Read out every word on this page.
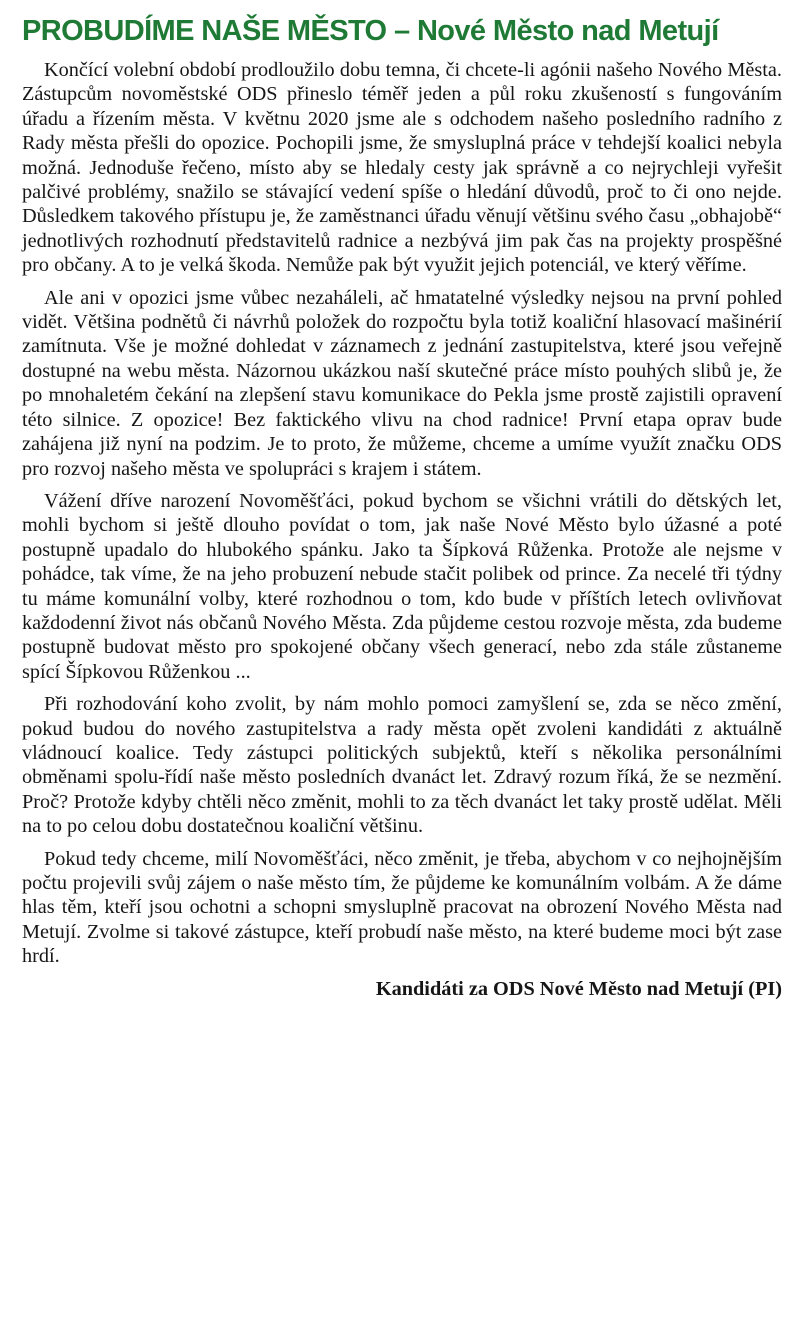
PROBUDÍME NAŠE MĚSTO – Nové Město nad Metují

Končící volební období prodloužilo dobu temna, či chcete-li agónii našeho Nového Města. Zástupcům novoměstské ODS přineslo téměř jeden a půl roku zkušeností s fungováním úřadu a řízením města. V květnu 2020 jsme ale s odchodem našeho posledního radního z Rady města přešli do opozice. Pochopili jsme, že smysluplná práce v tehdejší koalici nebyla možná. Jednoduše řečeno, místo aby se hledaly cesty jak správně a co nejrychleji vyřešit palčivé problémy, snažilo se stávající vedení spíše o hledání důvodů, proč to či ono nejde. Důsledkem takového přístupu je, že zaměstnanci úřadu věnují většinu svého času „obhajobě“ jednotlivých rozhodnutí představitelů radnice a nezbývá jim pak čas na projekty prospěšné pro občany. A to je velká škoda. Nemůže pak být využit jejich potenciál, ve který věříme.

Ale ani v opozici jsme vůbec nezaháleli, ač hmatatelné výsledky nejsou na první pohled vidět. Většina podnětů či návrhů položek do rozpočtu byla totiž koaliční hlasovací mašinérií zamítnuta. Vše je možné dohledat v záznamech z jednání zastupitelstva, které jsou veřejně dostupné na webu města. Názornou ukázkou naší skutečné práce místo pouhých slibů je, že po mnohaletém čekání na zlepšení stavu komunikace do Pekla jsme prostě zajistili opravení této silnice. Z opozice! Bez faktického vlivu na chod radnice! První etapa oprav bude zahájena již nyní na podzim. Je to proto, že můžeme, chceme a umíme využít značku ODS pro rozvoj našeho města ve spolupráci s krajem i státem.

Vážení dříve narození Novoměšťáci, pokud bychom se všichni vrátili do dětských let, mohli bychom si ještě dlouho povídat o tom, jak naše Nové Město bylo úžasné a poté postupně upadalo do hlubokého spánku. Jako ta Šípková Růženka. Protože ale nejsme v pohádce, tak víme, že na jeho probuzení nebude stačit polibek od prince. Za necelé tři týdny tu máme komunální volby, které rozhodnou o tom, kdo bude v příštích letech ovlivňovat každodenní život nás občanů Nového Města. Zda půjdeme cestou rozvoje města, zda budeme postupně budovat město pro spokojené občany všech generací, nebo zda stále zůstaneme spící Šípkovou Růženkou ...

Při rozhodování koho zvolit, by nám mohlo pomoci zamyšlení se, zda se něco změní, pokud budou do nového zastupitelstva a rady města opět zvoleni kandidáti z aktuálně vládnoucí koalice. Tedy zástupci politických subjektů, kteří s několika personálními obměnami spolu-řídí naše město posledních dvanáct let. Zdravý rozum říká, že se nezmění. Proč? Protože kdyby chtěli něco změnit, mohli to za těch dvanáct let taky prostě udělat. Měli na to po celou dobu dostatečnou koaliční většinu.

Pokud tedy chceme, milí Novoměšťáci, něco změnit, je třeba, abychom v co nejhojnějším počtu projevili svůj zájem o naše město tím, že půjdeme ke komunálním volbám. A že dáme hlas těm, kteří jsou ochotni a schopni smysluplně pracovat na obrození Nového Města nad Metují. Zvolme si takové zástupce, kteří probudí naše město, na které budeme moci být zase hrdí.

Kandidáti za ODS Nové Město nad Metují (PI)
